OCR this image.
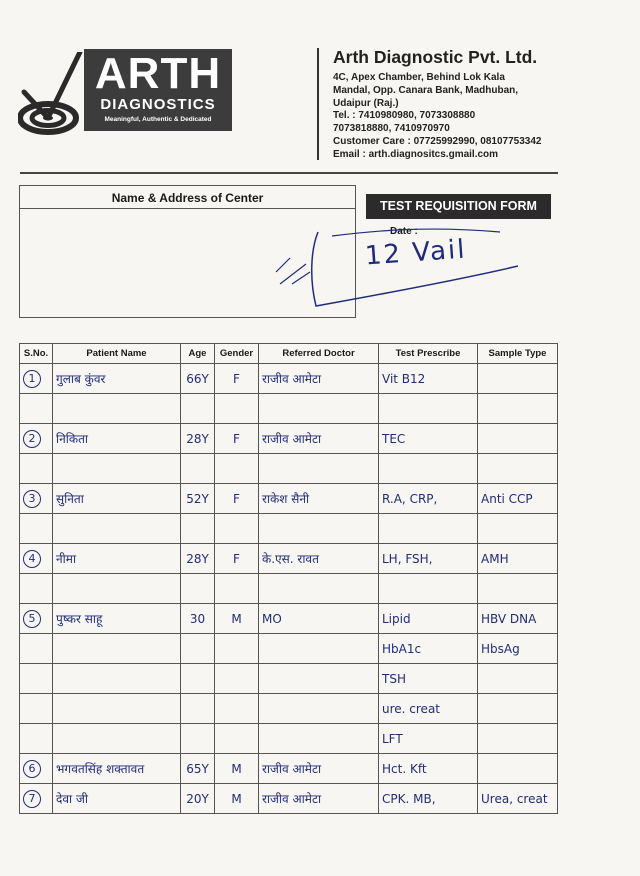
ARTH
DIAGNOSTICS
Meaningful, Authentic & Dedicated
Arth Diagnostic Pvt. Ltd.
4C, Apex Chamber, Behind Lok Kala
Mandal, Opp. Canara Bank, Madhuban,
Udaipur (Raj.)
Tel. : 7410980980, 7073308880
7073818880, 7410970970
Customer Care : 07725992990, 08107753342
Email : arth.diagnositcs.gmail.com
Name & Address of Center
TEST REQUISITION FORM
Date :
12 Vail
S.No.	Patient Name	Age	Gender	Referred Doctor	Test Prescribe	Sample Type
1	गुलाब कुंवर	66Y	F	राजीव आमेटा	Vit B12	

2	निकिता	28Y	F	राजीव आमेटा	TEC	

3	सुनिता	52Y	F	राकेश सैनी	R.A, CRP,	Anti CCP

4	नीमा	28Y	F	के.एस. रावत	LH, FSH,	AMH

5	पुष्कर साहू	30	M	MO	Lipid	HBV DNA
					HbA1c	HbsAg
					TSH	
					ure. creat	
					LFT	
6	भगवतसिंह शक्तावत	65Y	M	राजीव आमेटा	Hct. Kft	
7	देवा जी	20Y	M	राजीव आमेटा	CPK. MB,	Urea, creat
